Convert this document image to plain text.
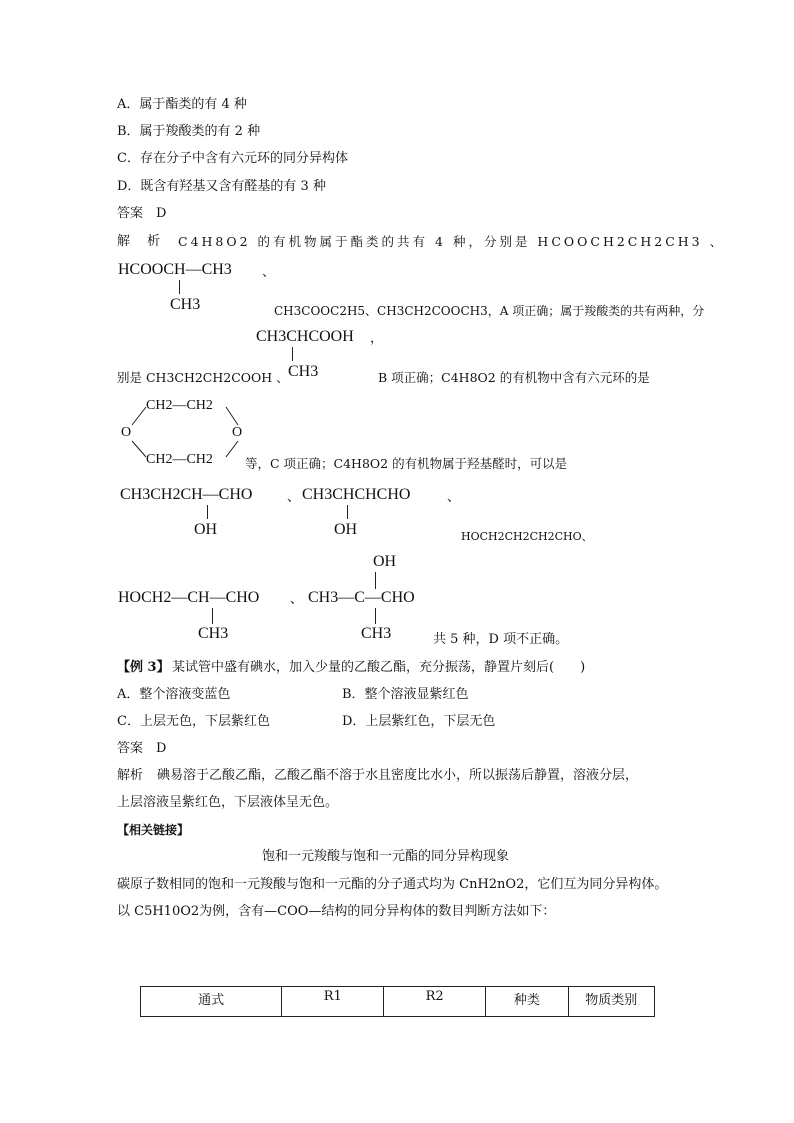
A．属于酯类的有 4 种
B．属于羧酸类的有 2 种
C．存在分子中含有六元环的同分异构体
D．既含有羟基又含有醛基的有 3 种
答案　D
解　析 C4H8O2 的有机物属于酯类的共有 4 种，分别是 HCOOCH2CH2CH3 、
HCOOCH—CH3
CH3
、
CH3COOC2H5、CH3CH2COOCH3，A 项正确；属于羧酸类的共有两种，分
CH3CHCOOH ，
CH3
别是 CH3CH2CH2COOH 、	B 项正确；C4H8O2 的有机物中含有六元环的是
CH2—CH2
O	O
CH2—CH2	等，C 项正确；C4H8O2 的有机物属于羟基醛时，可以是
CH3CH2CH—CHO	、
OH
CH3CHCHCHO	、
OH	HOCH2CH2CH2CHO、
OH
HOCH2—CH—CHO
CH3
、 CH3—C—CHO
CH3	共 5 种，D 项不正确。
【例 3】 某试管中盛有碘水，加入少量的乙酸乙酯，充分振荡，静置片刻后(　　)
A．整个溶液变蓝色	B．整个溶液显紫红色
C．上层无色，下层紫红色	D．上层紫红色，下层无色
答案　D
解析 碘易溶于乙酸乙酯，乙酸乙酯不溶于水且密度比水小，所以振荡后静置，溶液分层，
上层溶液呈紫红色，下层液体呈无色。
【相关链接】
饱和一元羧酸与饱和一元酯的同分异构现象
碳原子数相同的饱和一元羧酸与饱和一元酯的分子通式均为 CnH2nO2，它们互为同分异构体。
以 C5H10O2为例，含有—COO—结构的同分异构体的数目判断方法如下：
通式	R1	R2	种类	物质类别
